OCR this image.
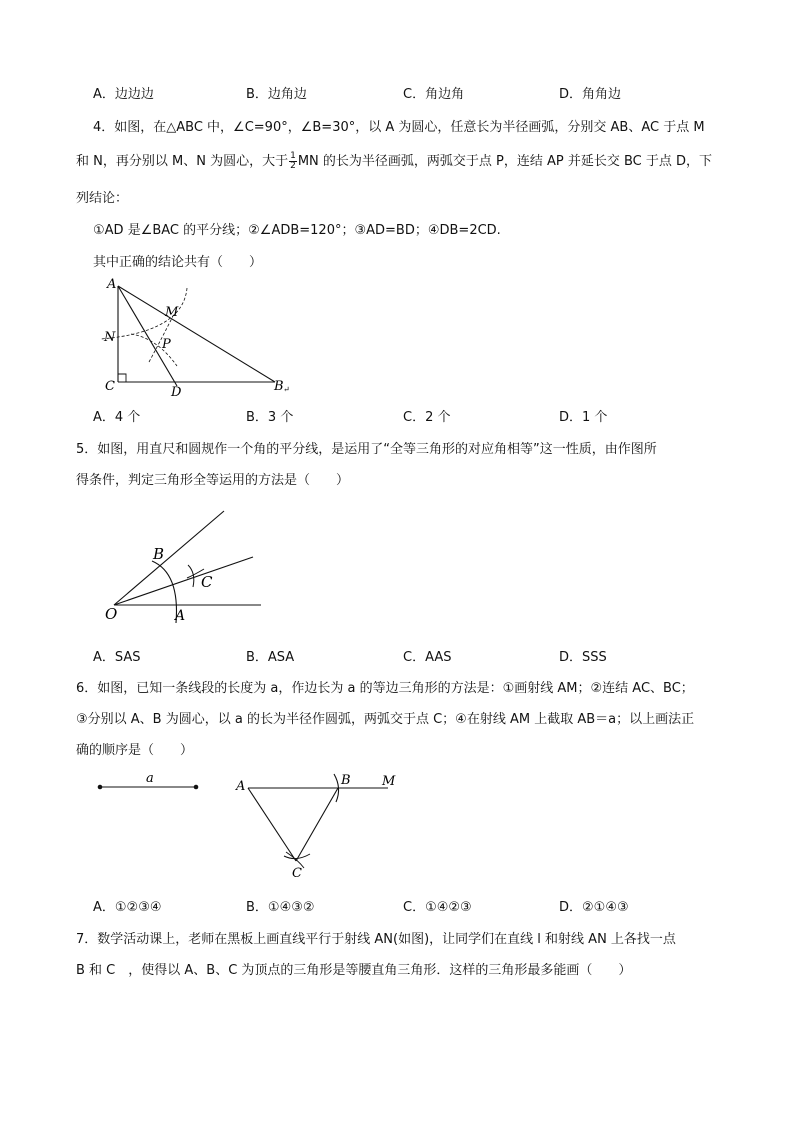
A．边边边	B．边角边	C．角边角	D．角角边
4．如图，在△ABC 中，∠C=90°，∠B=30°，以 A 为圆心，任意长为半径画弧，分别交 AB、AC 于点 M
和 N，再分别以 M、N 为圆心，大于 $\frac{1}{2}$ MN 的长为半径画弧，两弧交于点 P，连结 AP 并延长交 BC 于点 D，下
列结论：
①AD 是∠BAC 的平分线；②∠ADB=120°；③AD=BD；④DB=2CD.
其中正确的结论共有（　　）
A
M
N	P
C	D	B ↵
A．4 个	B．3 个	C．2 个	D．1 个
5．如图，用直尺和圆规作一个角的平分线，是运用了“全等三角形的对应角相等”这一性质，由作图所
得条件，判定三角形全等运用的方法是（　　）
B
C
O	A
A．SAS	B．ASA	C．AAS	D．SSS
6．如图，已知一条线段的长度为 a，作边长为 a 的等边三角形的方法是：①画射线 AM；②连结 AC、BC；
③分别以 A、B 为圆心，以 a 的长为半径作圆弧，两弧交于点 C；④在射线 AM 上截取 AB＝a；以上画法正
确的顺序是（　　）
a
A	B M
C
A．①②③④	B．①④③②	C．①④②③	D．②①④③
7．数学活动课上，老师在黑板上画直线平行于射线 AN(如图)，让同学们在直线 l 和射线 AN 上各找一点
B 和 C　，使得以 A、B、C 为顶点的三角形是等腰直角三角形．这样的三角形最多能画（　　）
